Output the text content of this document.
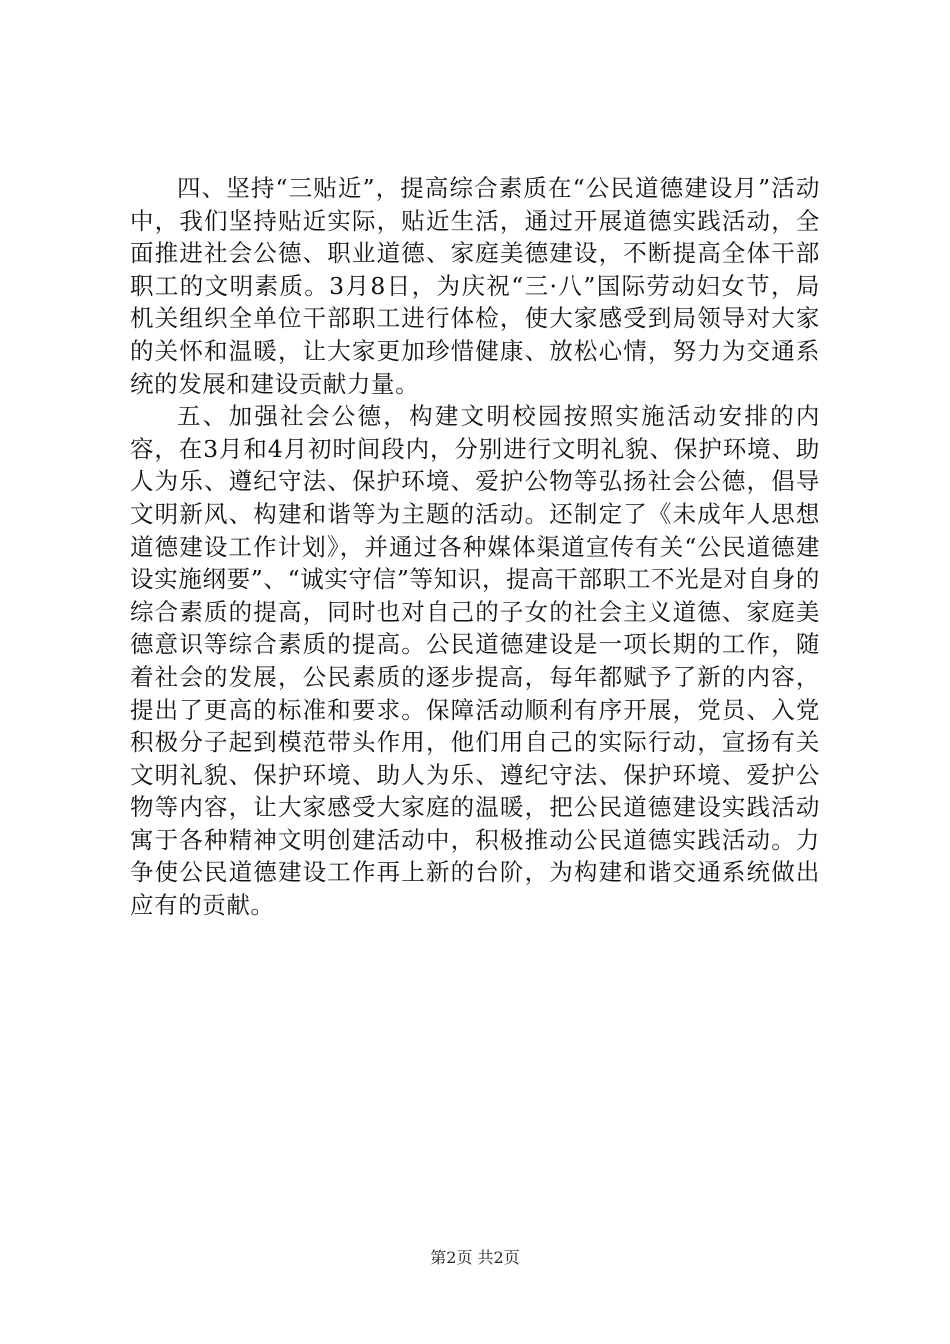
四、坚持“三贴近”，提高综合素质在“公民道德建设月”活动中，我们坚持贴近实际，贴近生活，通过开展道德实践活动，全面推进社会公德、职业道德、家庭美德建设，不断提高全体干部职工的文明素质。3月8日，为庆祝“三·八”国际劳动妇女节，局机关组织全单位干部职工进行体检，使大家感受到局领导对大家的关怀和温暖，让大家更加珍惜健康、放松心情，努力为交通系统的发展和建设贡献力量。

五、加强社会公德，构建文明校园按照实施活动安排的内容，在3月和4月初时间段内，分别进行文明礼貌、保护环境、助人为乐、遵纪守法、保护环境、爱护公物等弘扬社会公德，倡导文明新风、构建和谐等为主题的活动。还制定了《未成年人思想道德建设工作计划》，并通过各种媒体渠道宣传有关“公民道德建设实施纲要”、“诚实守信”等知识，提高干部职工不光是对自身的综合素质的提高，同时也对自己的子女的社会主义道德、家庭美德意识等综合素质的提高。公民道德建设是一项长期的工作，随着社会的发展，公民素质的逐步提高，每年都赋予了新的内容，提出了更高的标准和要求。保障活动顺利有序开展，党员、入党积极分子起到模范带头作用，他们用自己的实际行动，宣扬有关文明礼貌、保护环境、助人为乐、遵纪守法、保护环境、爱护公物等内容，让大家感受大家庭的温暖，把公民道德建设实践活动寓于各种精神文明创建活动中，积极推动公民道德实践活动。力争使公民道德建设工作再上新的台阶，为构建和谐交通系统做出应有的贡献。

第2页 共2页
